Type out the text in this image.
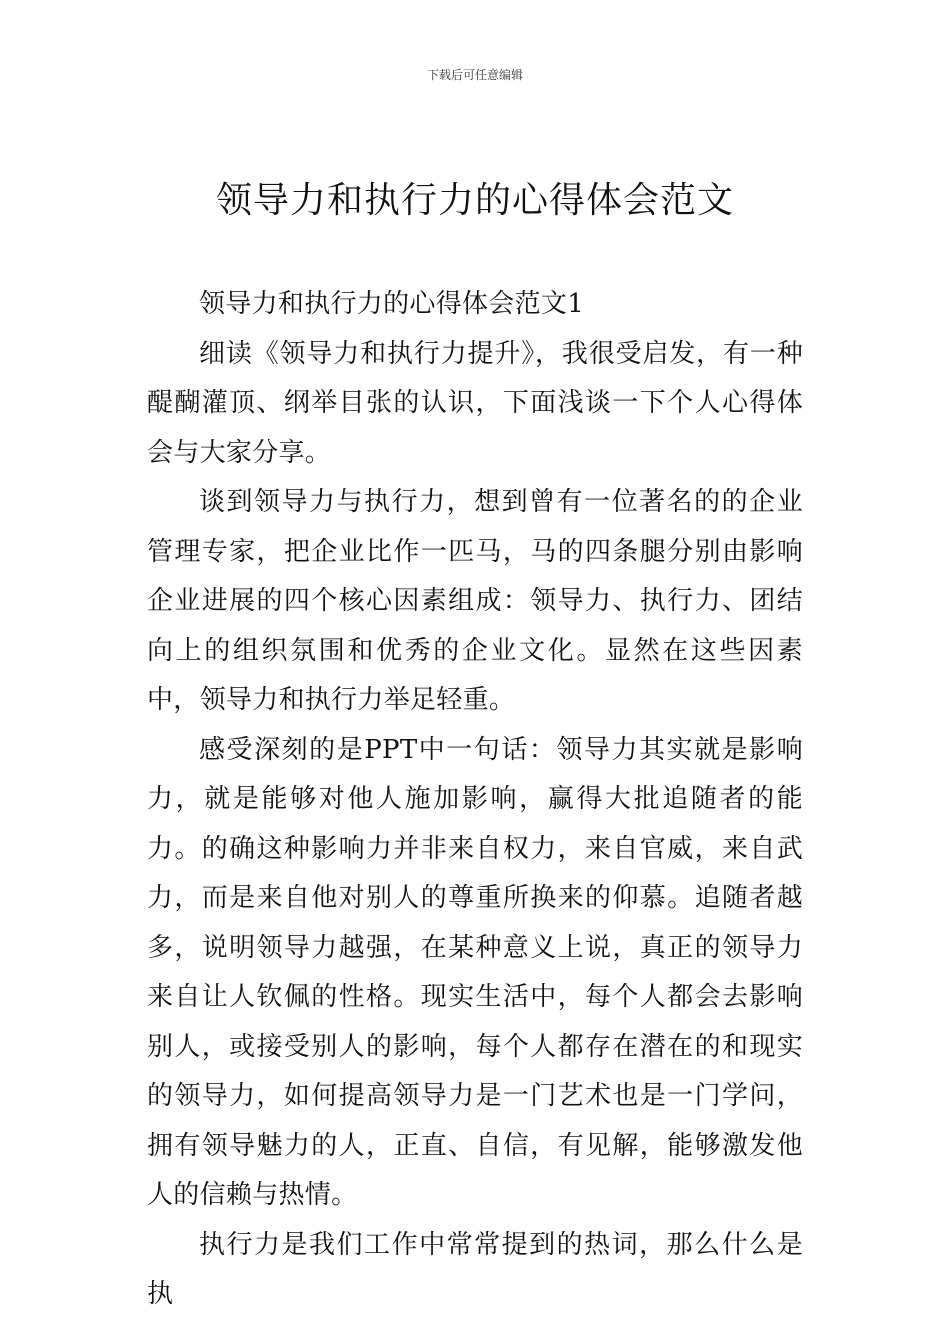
下载后可任意编辑
领导力和执行力的心得体会范文

领导力和执行力的心得体会范文1

细读《领导力和执行力提升》，我很受启发，有一种醍醐灌顶、纲举目张的认识，下面浅谈一下个人心得体会与大家分享。

谈到领导力与执行力，想到曾有一位著名的的企业管理专家，把企业比作一匹马，马的四条腿分别由影响企业进展的四个核心因素组成：领导力、执行力、团结向上的组织氛围和优秀的企业文化。显然在这些因素中，领导力和执行力举足轻重。

感受深刻的是PPT中一句话：领导力其实就是影响力，就是能够对他人施加影响，赢得大批追随者的能力。的确这种影响力并非来自权力，来自官威，来自武力，而是来自他对别人的尊重所换来的仰慕。追随者越多，说明领导力越强，在某种意义上说，真正的领导力来自让人钦佩的性格。现实生活中，每个人都会去影响别人，或接受别人的影响，每个人都存在潜在的和现实的领导力，如何提高领导力是一门艺术也是一门学问，拥有领导魅力的人，正直、自信，有见解，能够激发他人的信赖与热情。

执行力是我们工作中常常提到的热词，那么什么是执
